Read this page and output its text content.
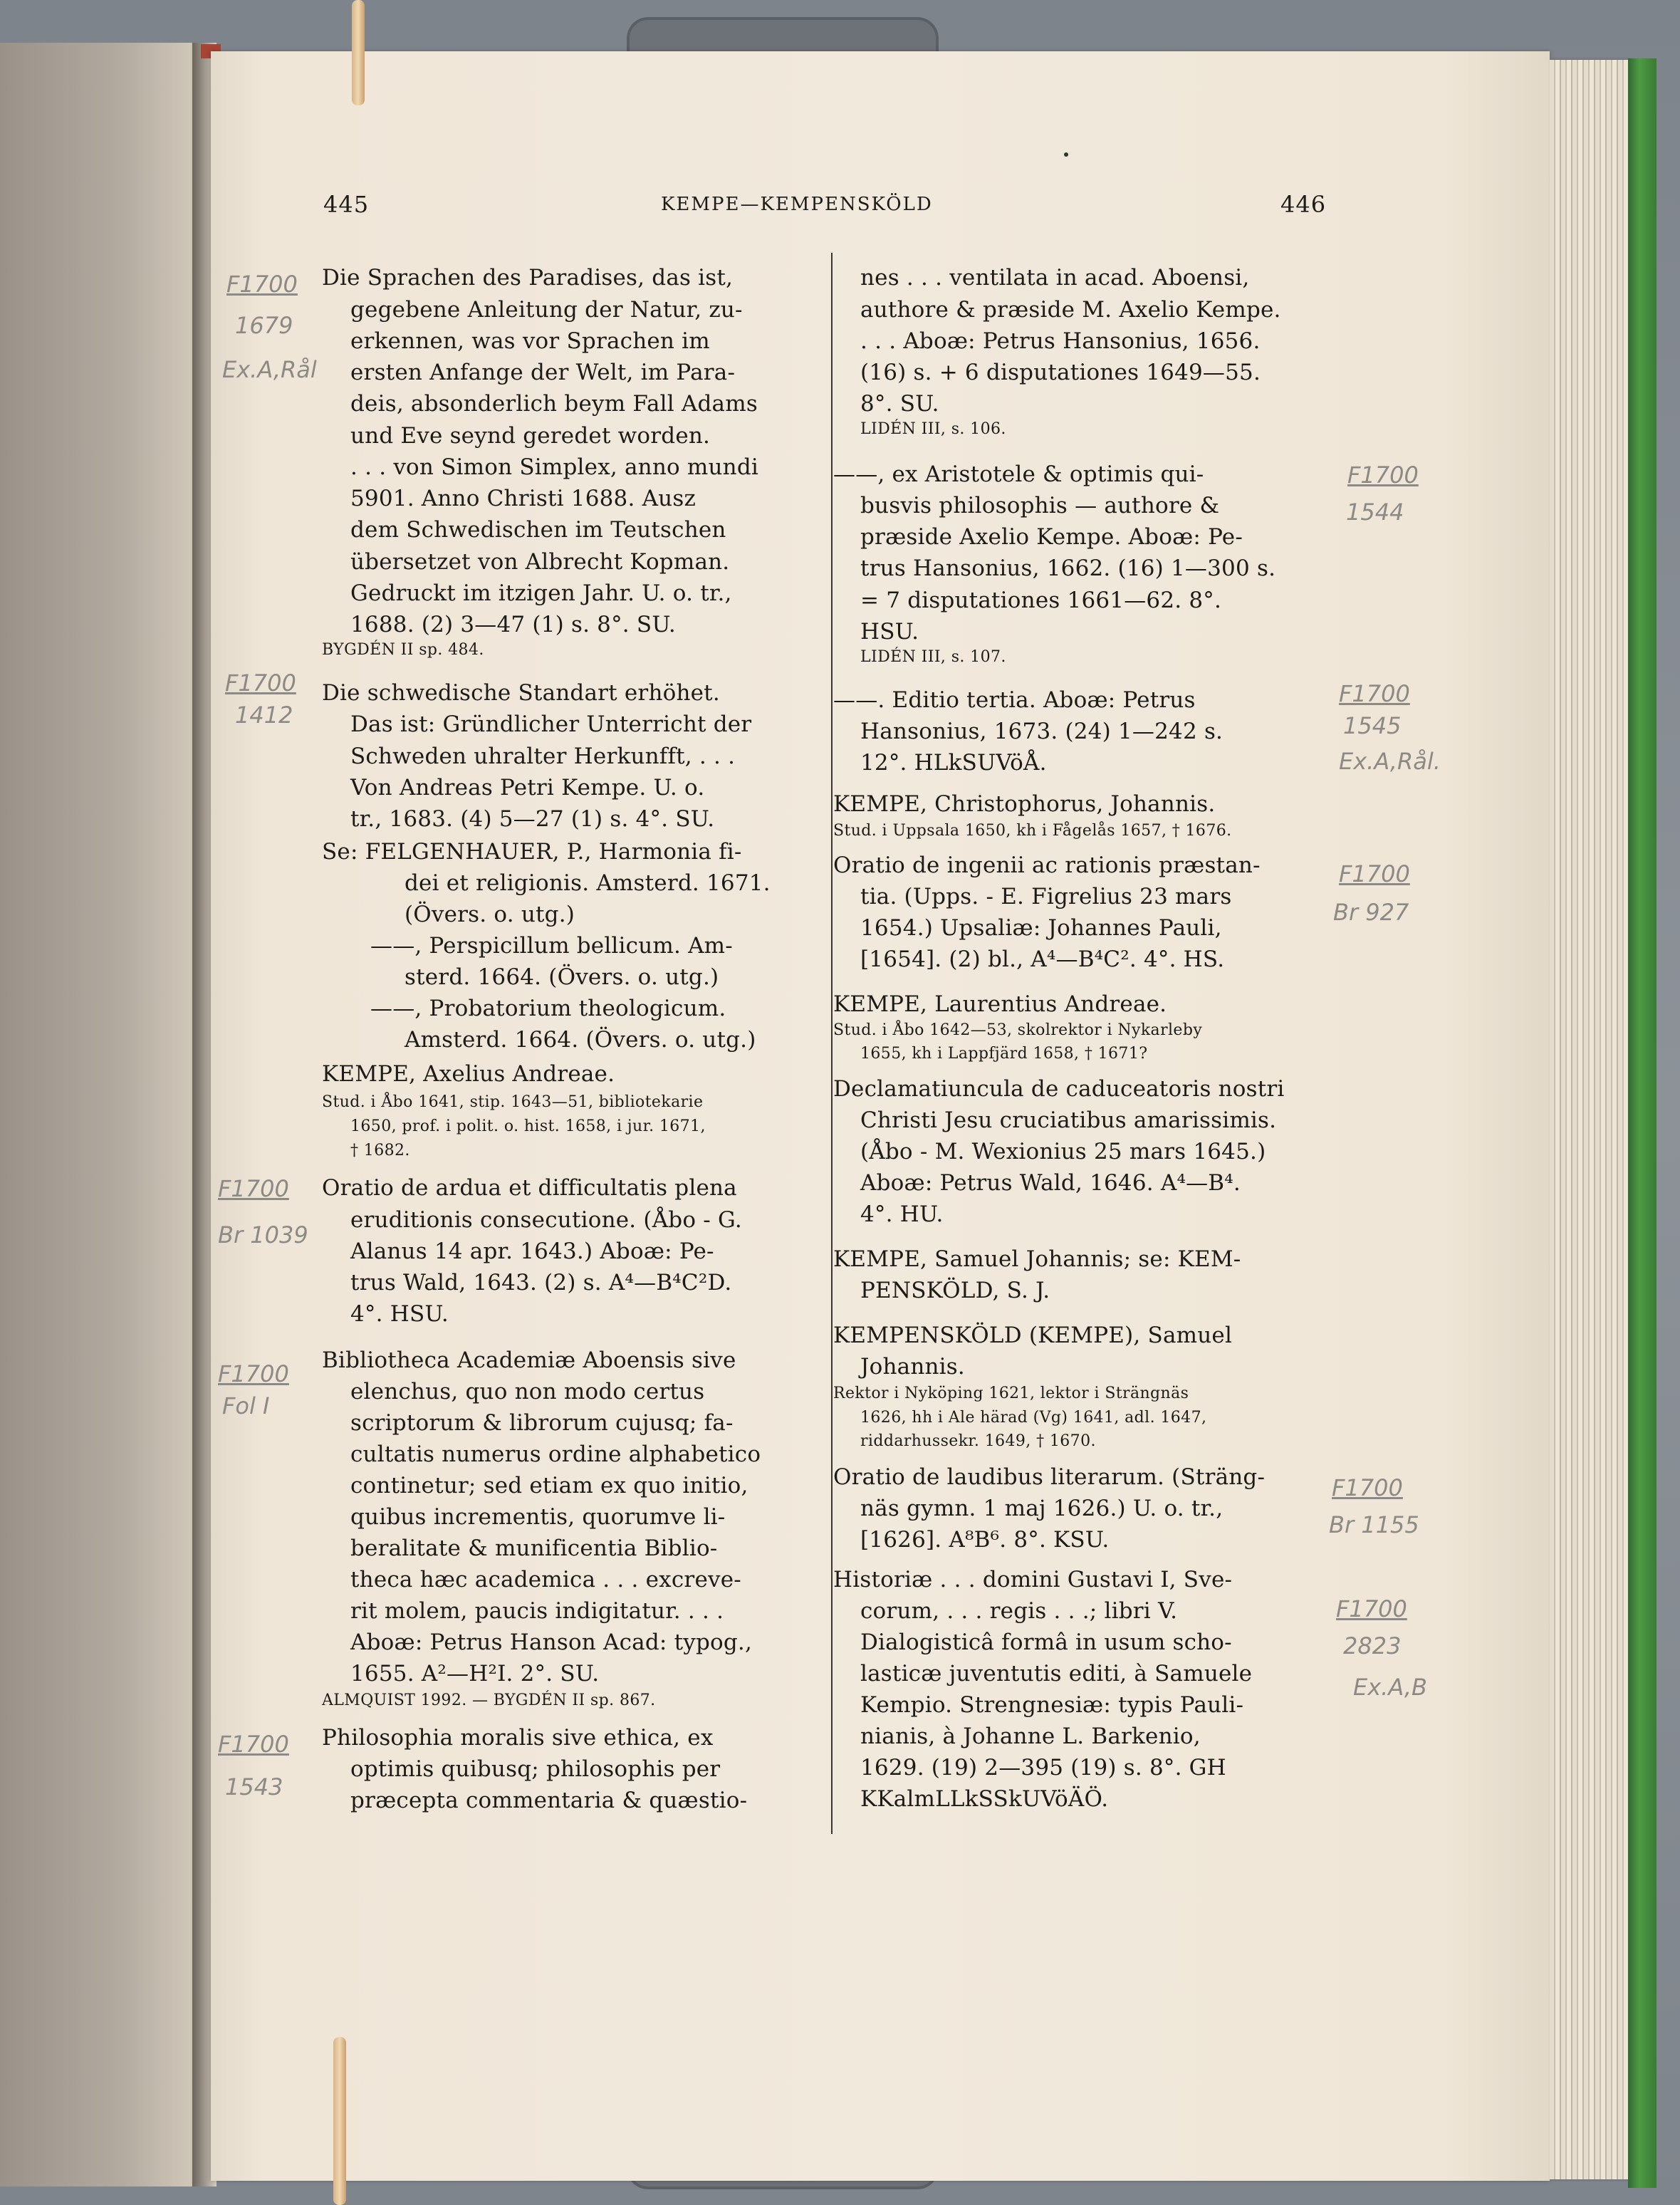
445	KEMPE—KEMPENSKÖLD	446
Die Sprachen des Paradises, das ist,
gegebene Anleitung der Natur, zu-
erkennen, was vor Sprachen im
ersten Anfange der Welt, im Para-
deis, absonderlich beym Fall Adams
und Eve seynd geredet worden.
. . . von Simon Simplex, anno mundi
5901. Anno Christi 1688. Ausz
dem Schwedischen im Teutschen
übersetzet von Albrecht Kopman.
Gedruckt im itzigen Jahr. U. o. tr.,
1688. (2) 3—47 (1) s. 8°. SU.
BYGDÉN II sp. 484.
Die schwedische Standart erhöhet.
Das ist: Gründlicher Unterricht der
Schweden uhralter Herkunfft, . . .
Von Andreas Petri Kempe. U. o.
tr., 1683. (4) 5—27 (1) s. 4°. SU.
Se: FELGENHAUER, P., Harmonia fi-
dei et religionis. Amsterd. 1671.
(Övers. o. utg.)
——, Perspicillum bellicum. Am-
sterd. 1664. (Övers. o. utg.)
——, Probatorium theologicum.
Amsterd. 1664. (Övers. o. utg.)
KEMPE, Axelius Andreae.
Stud. i Åbo 1641, stip. 1643—51, bibliotekarie
1650, prof. i polit. o. hist. 1658, i jur. 1671,
† 1682.
Oratio de ardua et difficultatis plena
eruditionis consecutione. (Åbo - G.
Alanus 14 apr. 1643.) Aboæ: Pe-
trus Wald, 1643. (2) s. A⁴—B⁴C²D.
4°. HSU.
Bibliotheca Academiæ Aboensis sive
elenchus, quo non modo certus
scriptorum & librorum cujusq; fa-
cultatis numerus ordine alphabetico
continetur; sed etiam ex quo initio,
quibus incrementis, quorumve li-
beralitate & munificentia Biblio-
theca hæc academica . . . excreve-
rit molem, paucis indigitatur. . . .
Aboæ: Petrus Hanson Acad: typog.,
1655. A²—H²I. 2°. SU.
ALMQUIST 1992. — BYGDÉN II sp. 867.
Philosophia moralis sive ethica, ex
optimis quibusq; philosophis per
præcepta commentaria & quæstio-
nes . . . ventilata in acad. Aboensi,
authore & præside M. Axelio Kempe.
. . . Aboæ: Petrus Hansonius, 1656.
(16) s. + 6 disputationes 1649—55.
8°. SU.
LIDÉN III, s. 106.
——, ex Aristotele & optimis qui-
busvis philosophis — authore &
præside Axelio Kempe. Aboæ: Pe-
trus Hansonius, 1662. (16) 1—300 s.
= 7 disputationes 1661—62. 8°.
HSU.
LIDÉN III, s. 107.
——. Editio tertia. Aboæ: Petrus
Hansonius, 1673. (24) 1—242 s.
12°. HLkSUVöÅ.
KEMPE, Christophorus, Johannis.
Stud. i Uppsala 1650, kh i Fågelås 1657, † 1676.
Oratio de ingenii ac rationis præstan-
tia. (Upps. - E. Figrelius 23 mars
1654.) Upsaliæ: Johannes Pauli,
[1654]. (2) bl., A⁴—B⁴C². 4°. HS.
KEMPE, Laurentius Andreae.
Stud. i Åbo 1642—53, skolrektor i Nykarleby
1655, kh i Lappfjärd 1658, † 1671?
Declamatiuncula de caduceatoris nostri
Christi Jesu cruciatibus amarissimis.
(Åbo - M. Wexionius 25 mars 1645.)
Aboæ: Petrus Wald, 1646. A⁴—B⁴.
4°. HU.
KEMPE, Samuel Johannis; se: KEM-
PENSKÖLD, S. J.
KEMPENSKÖLD (KEMPE), Samuel
Johannis.
Rektor i Nyköping 1621, lektor i Strängnäs
1626, hh i Ale härad (Vg) 1641, adl. 1647,
riddarhussekr. 1649, † 1670.
Oratio de laudibus literarum. (Sträng-
näs gymn. 1 maj 1626.) U. o. tr.,
[1626]. A⁸B⁶. 8°. KSU.
Historiæ . . . domini Gustavi I, Sve-
corum, . . . regis . . .; libri V.
Dialogisticâ formâ in usum scho-
lasticæ juventutis editi, à Samuele
Kempio. Strengnesiæ: typis Pauli-
nianis, à Johanne L. Barkenio,
1629. (19) 2—395 (19) s. 8°. GH
KKalmLLkSSkUVöÄÖ.
F1700
1679
Ex.A,Rål
F1700
1412
F1700
Br 1039
F1700
Fol I
F1700
1543
F1700
1544
F1700
1545
Ex.A,Rål.
F1700
Br 927
F1700
Br 1155
F1700
2823
Ex.A,B
